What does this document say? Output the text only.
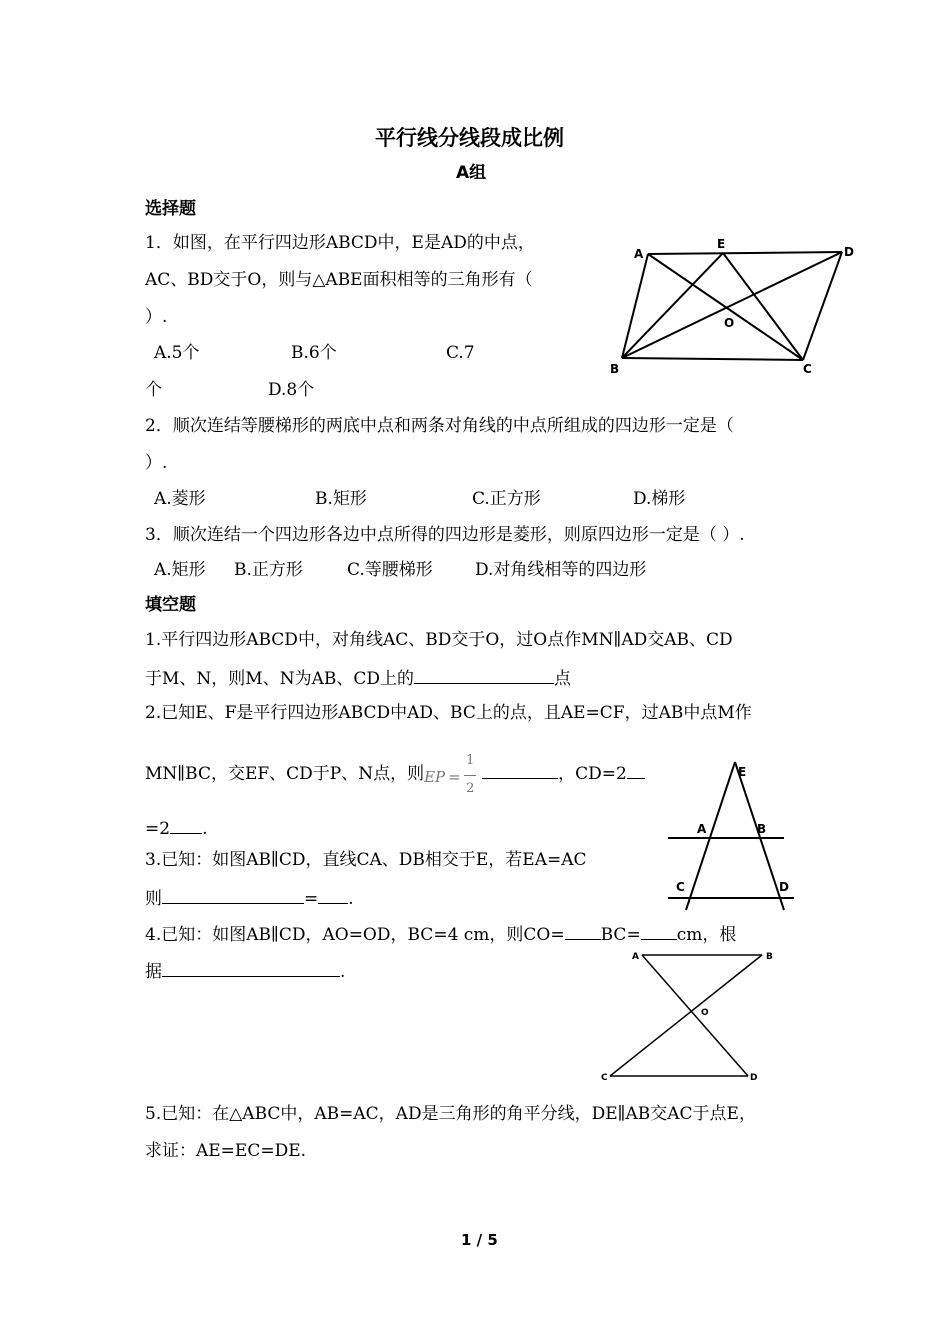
平行线分线段成比例
A组
选择题
1．如图，在平行四边形ABCD中，E是AD的中点，
AC、BD交于O，则与△ABE面积相等的三角形有（
）.
A.5个	B.6个	C.7
个	D.8个
A
E
D
O
B	C
2．顺次连结等腰梯形的两底中点和两条对角线的中点所组成的四边形一定是（
）.
A.菱形	B.矩形	C.正方形	D.梯形
3．顺次连结一个四边形各边中点所得的四边形是菱形，则原四边形一定是（ ）.
A.矩形 B.正方形	C.等腰梯形 D.对角线相等的四边形
填空题
1.平行四边形ABCD中，对角线AC、BD交于O，过O点作MN∥AD交AB、CD
于M、N，则M、N为AB、CD上的	点
2.已知E、F是平行四边形ABCD中AD、BC上的点，且AE=CF，过AB中点M作
MN∥BC，交EF、CD于P、N点，则 EP =
1
2
，CD=2
=2 .
E
A	B
C	D
3.已知：如图AB∥CD，直线CA、DB相交于E，若EA=AC
则	= .
4.已知：如图AB∥CD，AO=OD，BC=4 cm，则CO= BC= cm，根
据	.
A	B
O
C	D
5.已知：在△ABC中，AB=AC，AD是三角形的角平分线，DE∥AB交AC于点E，
求证：AE=EC=DE.
1 / 5
